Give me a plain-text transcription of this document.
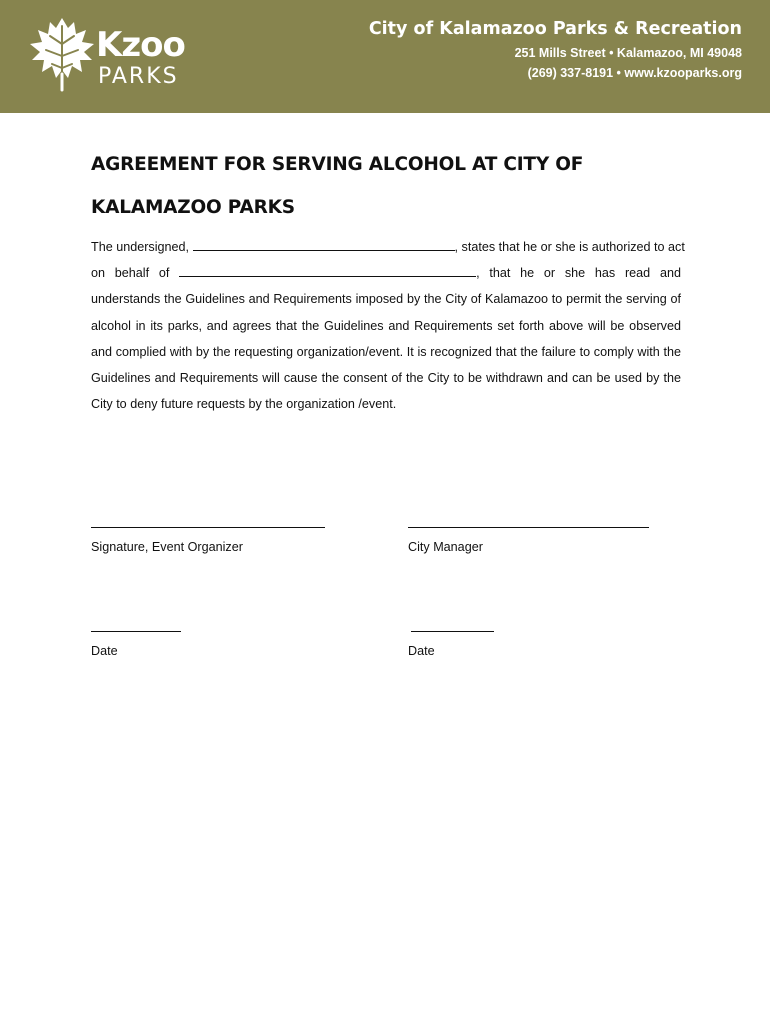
Kzoo
PARKS
City of Kalamazoo Parks & Recreation
251 Mills Street • Kalamazoo, MI 49048
(269) 337-8191 • www.kzooparks.org
AGREEMENT FOR SERVING ALCOHOL AT CITY OF
KALAMAZOO PARKS
The undersigned,	, states that he or she is authorized to act
on behalf of	, that he or she has read and
understands the Guidelines and Requirements imposed by the City of Kalamazoo to permit the serving of alcohol in its parks, and agrees that the Guidelines and Requirements set forth above will be observed and complied with by the requesting organization/event. It is recognized that the failure to comply with the Guidelines and Requirements will cause the consent of the City to be withdrawn and can be used by the City to deny future requests by the organization /event.
Signature, Event Organizer	City Manager
Date	Date
